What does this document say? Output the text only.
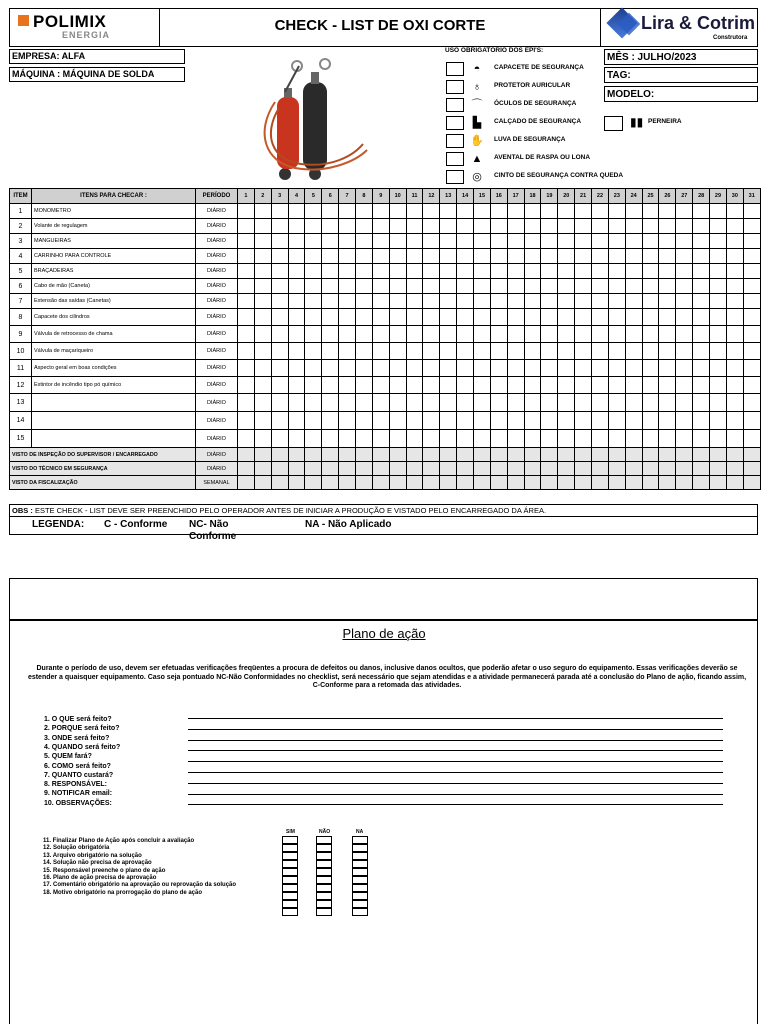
POLIMIX
ENERGIA
CHECK - LIST DE OXI CORTE	Lira & Cotrim
Construtora
EMPRESA: ALFA
MÁQUINA : MÁQUINA DE SOLDA
MÊS : JULHO/2023
TAG:
MODELO:
USO OBRIGATÓRIO DOS EPI'S:
◓	CAPACETE DE SEGURANÇA
♁	PROTETOR AURICULAR
⌒ ÓCULOS DE SEGURANÇA
▙	CALÇADO DE SEGURANÇA
✋ LUVA DE SEGURANÇA
▲ AVENTAL DE RASPA OU LONA
◎	CINTO DE SEGURANÇA CONTRA QUEDA
▮▮ PERNEIRA
ITEM	ITENS PARA CHECAR :	PERÍODO	1	2	3	4	5	6	7	8	9	10	11	12	13	14	15	16	17	18	19	20	21	22	23	24	25	26	27	28	29	30	31
1	MONOMETRO	DIÁRIO																															
2	Volante de regulagem	DIÁRIO																															
3	MANGUEIRAS	DIÁRIO																															
4	CARRINHO PARA CONTROLE	DIÁRIO																															
5	BRAÇADEIRAS	DIÁRIO																															
6	Cabo de mão (Caneta)	DIÁRIO																															
7	Extensão das saídas (Canetas)	DIÁRIO																															
8	Capacete dos cilindros	DIÁRIO																															
9	Válvula de retrocesso de chama	DIÁRIO																															
10	Válvula de maçariqueiro	DIÁRIO																															
11	Aspecto geral em boas condições	DIÁRIO																															
12	Extintor de incêndio tipo pó químico	DIÁRIO																															
13		DIÁRIO																															
14		DIÁRIO																															
15		DIÁRIO																															
VISTO DE INSPEÇÃO DO SUPERVISOR / ENCARREGADO		DIÁRIO																															
VISTO DO TÉCNICO EM SEGURANÇA		DIÁRIO																															
VISTO DA FISCALIZAÇÃO		SEMANAL																															
OBS : ESTE CHECK - LIST DEVE SER PREENCHIDO PELO OPERADOR ANTES DE INICIAR A PRODUÇÃO E VISTADO PELO ENCARREGADO DA ÁREA.
LEGENDA: C - Conforme NC- Não Conforme
NA - Não Aplicado
Plano de ação
Durante o período de uso, devem ser efetuadas verificações freqüentes a procura de defeitos ou danos, inclusive danos ocultos, que poderão afetar o uso seguro do equipamento. Essas verificações deverão se estender a quaisquer equipamento. Caso seja pontuado NC-Não Conformidades no checklist, será necessário que sejam atendidas e a atividade permanecerá parada até a conclusão do Plano de ação, ficando assim, C-Conforme para a retomada das atividades.
1. O QUE será feito?
2. PORQUE será feito?
3. ONDE será feito?
4. QUANDO será feito?
5. QUEM fará?
6. COMO será feito?
7. QUANTO custará?
8. RESPONSÁVEL:
9. NOTIFICAR email:
10. OBSERVAÇÕES:
SIM	NÃO	NA
11. Finalizar Plano de Ação após concluir a avaliação
12. Solução obrigatória
13. Arquivo obrigatório na solução
14. Solução não precisa de aprovação
15. Responsável preenche o plano de ação
16. Plano de ação precisa de aprovação
17. Comentário obrigatório na aprovação ou reprovação da solução
18. Motivo obrigatório na prorrogação do plano de ação
